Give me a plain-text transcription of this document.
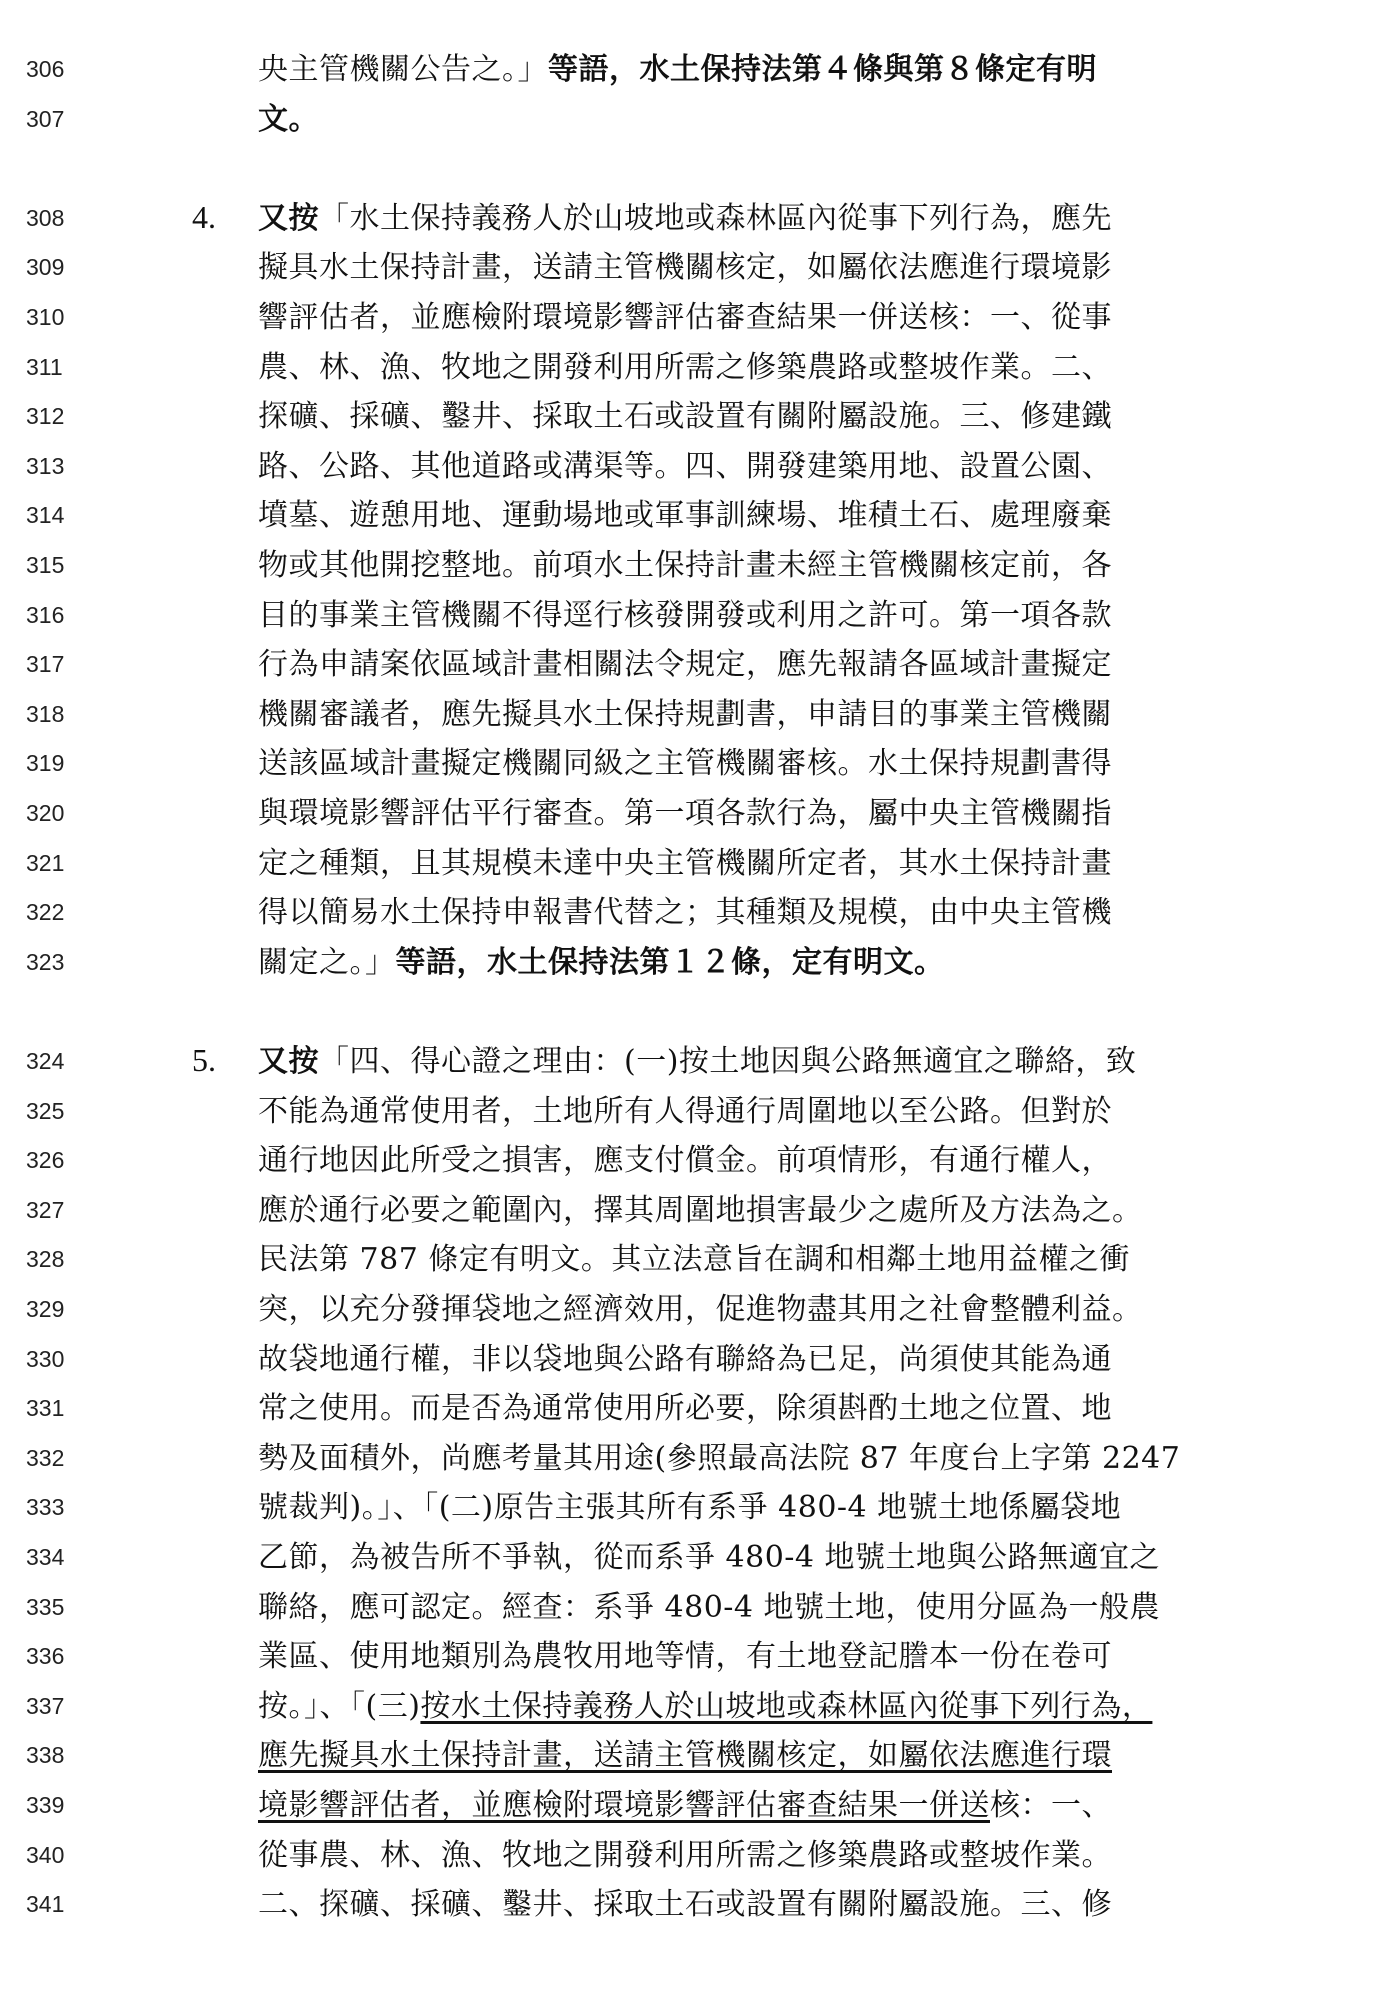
306	央主管機關公告之。」等語，水土保持法第４條與第８條定有明
307	文。
308	4. 又按「水土保持義務人於山坡地或森林區內從事下列行為，應先
309	擬具水土保持計畫，送請主管機關核定，如屬依法應進行環境影
310	響評估者，並應檢附環境影響評估審查結果一併送核：一、從事
311	農、林、漁、牧地之開發利用所需之修築農路或整坡作業。二、
312	探礦、採礦、鑿井、採取土石或設置有關附屬設施。三、修建鐵
313	路、公路、其他道路或溝渠等。四、開發建築用地、設置公園、
314	墳墓、遊憩用地、運動場地或軍事訓練場、堆積土石、處理廢棄
315	物或其他開挖整地。前項水土保持計畫未經主管機關核定前，各
316	目的事業主管機關不得逕行核發開發或利用之許可。第一項各款
317	行為申請案依區域計畫相關法令規定，應先報請各區域計畫擬定
318	機關審議者，應先擬具水土保持規劃書，申請目的事業主管機關
319	送該區域計畫擬定機關同級之主管機關審核。水土保持規劃書得
320	與環境影響評估平行審查。第一項各款行為，屬中央主管機關指
321	定之種類，且其規模未達中央主管機關所定者，其水土保持計畫
322	得以簡易水土保持申報書代替之；其種類及規模，由中央主管機
323	關定之。」等語，水土保持法第１２條，定有明文。
324	5. 又按「四、得心證之理由：(一)按土地因與公路無適宜之聯絡，致
325	不能為通常使用者，土地所有人得通行周圍地以至公路。但對於
326	通行地因此所受之損害，應支付償金。前項情形，有通行權人，
327	應於通行必要之範圍內，擇其周圍地損害最少之處所及方法為之。
328	民法第 787 條定有明文。其立法意旨在調和相鄰土地用益權之衝
329	突，以充分發揮袋地之經濟效用，促進物盡其用之社會整體利益。
330	故袋地通行權，非以袋地與公路有聯絡為已足，尚須使其能為通
331	常之使用。而是否為通常使用所必要，除須斟酌土地之位置、地
332	勢及面積外，尚應考量其用途(參照最高法院 87 年度台上字第 2247
333	號裁判)。」、「(二)原告主張其所有系爭 480-4 地號土地係屬袋地
334	乙節，為被告所不爭執，從而系爭 480-4 地號土地與公路無適宜之
335	聯絡，應可認定。經查：系爭 480-4 地號土地，使用分區為一般農
336	業區、使用地類別為農牧用地等情，有土地登記謄本一份在卷可
337	按。」、「(三)按水土保持義務人於山坡地或森林區內從事下列行為，
338	應先擬具水土保持計畫，送請主管機關核定，如屬依法應進行環
339	境影響評估者，並應檢附環境影響評估審查結果一併送核：一、
340	從事農、林、漁、牧地之開發利用所需之修築農路或整坡作業。
341	二、探礦、採礦、鑿井、採取土石或設置有關附屬設施。三、修
